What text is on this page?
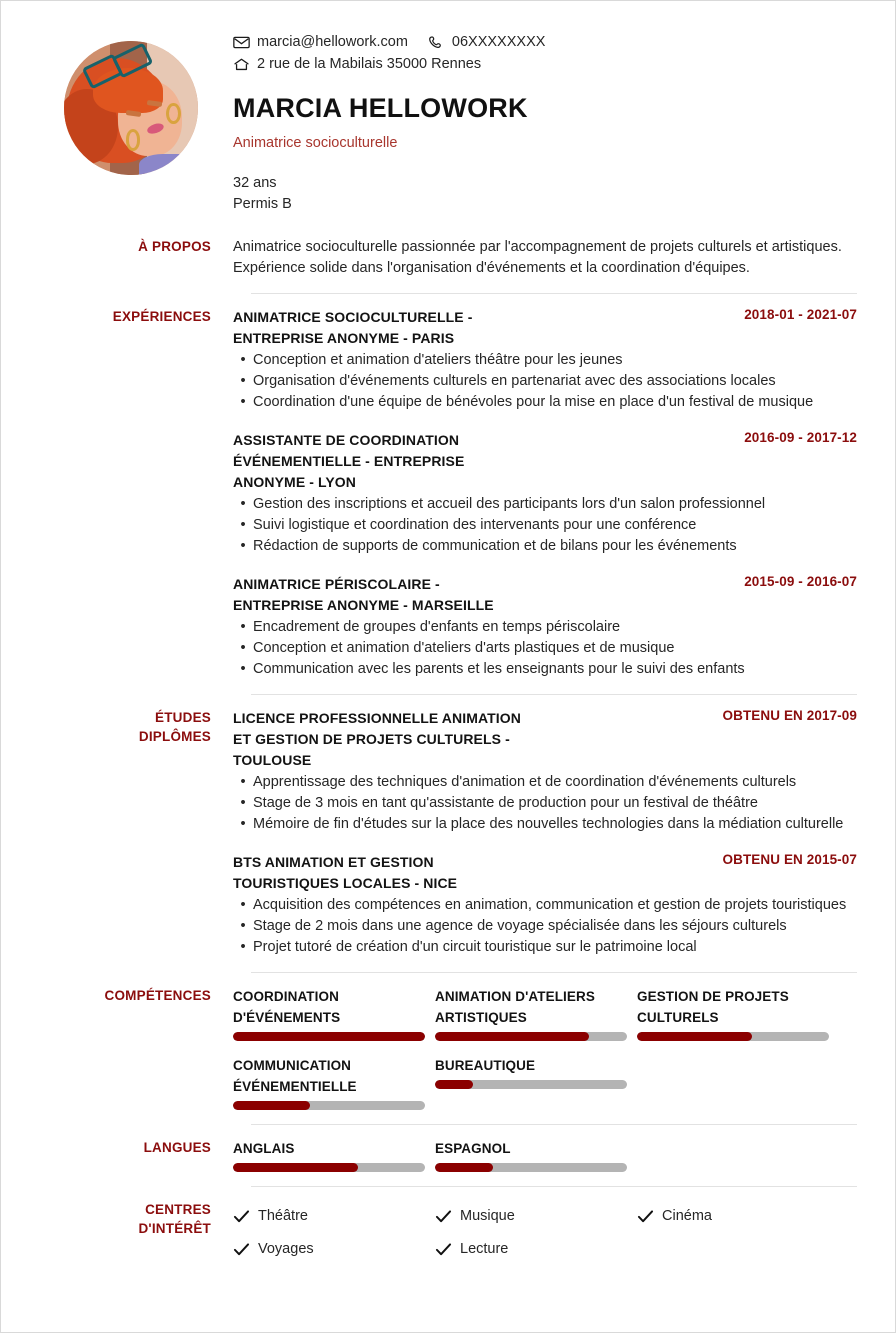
marcia@hellowork.com	06XXXXXXXX
2 rue de la Mabilais 35000 Rennes
MARCIA HELLOWORK
Animatrice socioculturelle
32 ans
Permis B
À PROPOS	Animatrice socioculturelle passionnée par l'accompagnement de projets culturels et artistiques. Expérience solide dans l'organisation d'événements et la coordination d'équipes.
EXPÉRIENCES	ANIMATRICE SOCIOCULTURELLE - ENTREPRISE ANONYME - PARIS
2018-01 - 2021-07
• Conception et animation d'ateliers théâtre pour les jeunes
• Organisation d'événements culturels en partenariat avec des associations locales
• Coordination d'une équipe de bénévoles pour la mise en place d'un festival de musique
ASSISTANTE DE COORDINATION ÉVÉNEMENTIELLE - ENTREPRISE ANONYME - LYON
2016-09 - 2017-12
• Gestion des inscriptions et accueil des participants lors d'un salon professionnel
• Suivi logistique et coordination des intervenants pour une conférence
• Rédaction de supports de communication et de bilans pour les événements
ANIMATRICE PÉRISCOLAIRE - ENTREPRISE ANONYME - MARSEILLE
2015-09 - 2016-07
• Encadrement de groupes d'enfants en temps périscolaire
• Conception et animation d'ateliers d'arts plastiques et de musique
• Communication avec les parents et les enseignants pour le suivi des enfants
ÉTUDES
DIPLÔMES
LICENCE PROFESSIONNELLE ANIMATION ET GESTION DE PROJETS CULTURELS - TOULOUSE
OBTENU EN 2017-09
• Apprentissage des techniques d'animation et de coordination d'événements culturels
• Stage de 3 mois en tant qu'assistante de production pour un festival de théâtre
• Mémoire de fin d'études sur la place des nouvelles technologies dans la médiation culturelle
BTS ANIMATION ET GESTION TOURISTIQUES LOCALES - NICE
OBTENU EN 2015-07
• Acquisition des compétences en animation, communication et gestion de projets touristiques
• Stage de 2 mois dans une agence de voyage spécialisée dans les séjours culturels
• Projet tutoré de création d'un circuit touristique sur le patrimoine local
COMPÉTENCES	COORDINATION D'ÉVÉNEMENTS
ANIMATION D'ATELIERS ARTISTIQUES
GESTION DE PROJETS CULTURELS
COMMUNICATION ÉVÉNEMENTIELLE
BUREAUTIQUE
LANGUES	ANGLAIS	ESPAGNOL
CENTRES
D'INTÉRÊT
Théâtre	Musique	Cinéma
Voyages	Lecture
